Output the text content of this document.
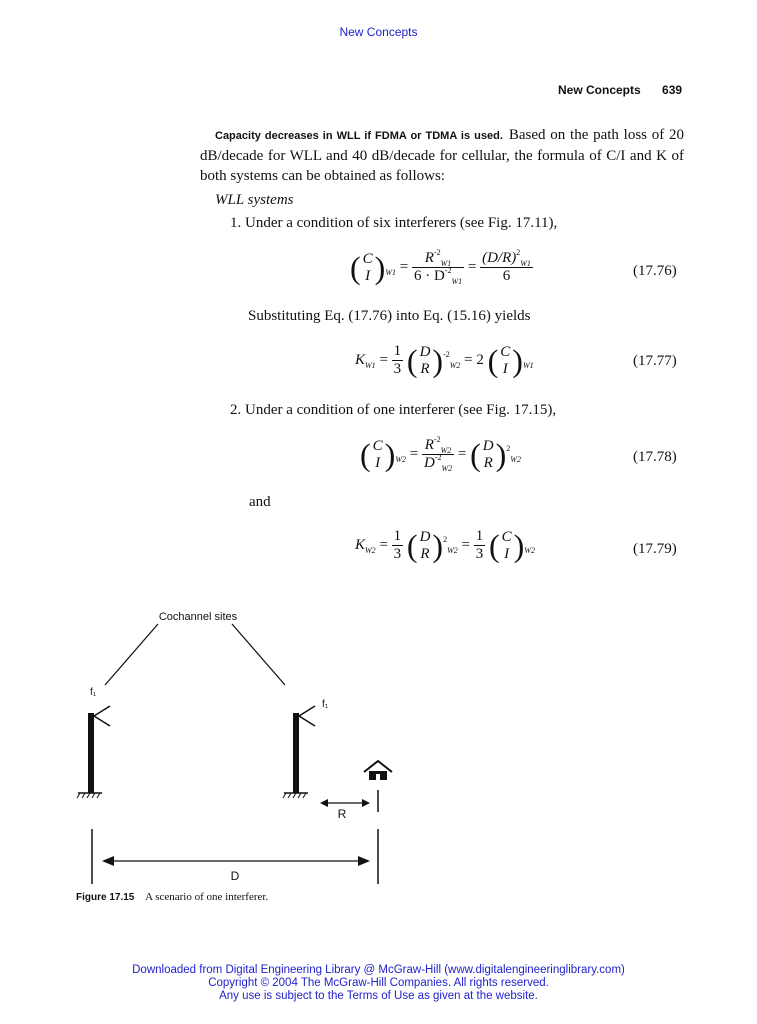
New Concepts
New Concepts 639
Capacity decreases in WLL if FDMA or TDMA is used. Based on the path loss of 20 dB/decade for WLL and 40 dB/decade for cellular, the formula of C/I and K of both systems can be obtained as follows:
WLL systems
1. Under a condition of six interferers (see Fig. 17.11),
( C
I )$_{W1} = \frac{R^{-2}_{W1}}{6 \cdot D^{-2}_{W1}} = \frac{(D/R)^2_{W1}}{6}$	(17.76)
Substituting Eq. (17.76) into Eq. (15.16) yields
$K_{W1} = \frac{1}{3}$ ( D
R )$^{-2}_{W2}$ = 2 ( C
I )$_{W1}$	(17.77)
2. Under a condition of one interferer (see Fig. 17.15),
( C
I )$_{W2} = \frac{R^{-2}_{W2}}{D^{-2}_{W2}}$ = ( D
R )$^2_{W2}$	(17.78)
and
$K_{W2} = \frac{1}{3}$ ( D
R )$^2_{W2} = \frac{1}{3}$ ( C
I )$_{W2}$	(17.79)
Cochannel sites
f₁
f₁
R
D
Figure 17.15 A scenario of one interferer.
Downloaded from Digital Engineering Library @ McGraw-Hill (www.digitalengineeringlibrary.com)
Copyright © 2004 The McGraw-Hill Companies. All rights reserved.
Any use is subject to the Terms of Use as given at the website.
